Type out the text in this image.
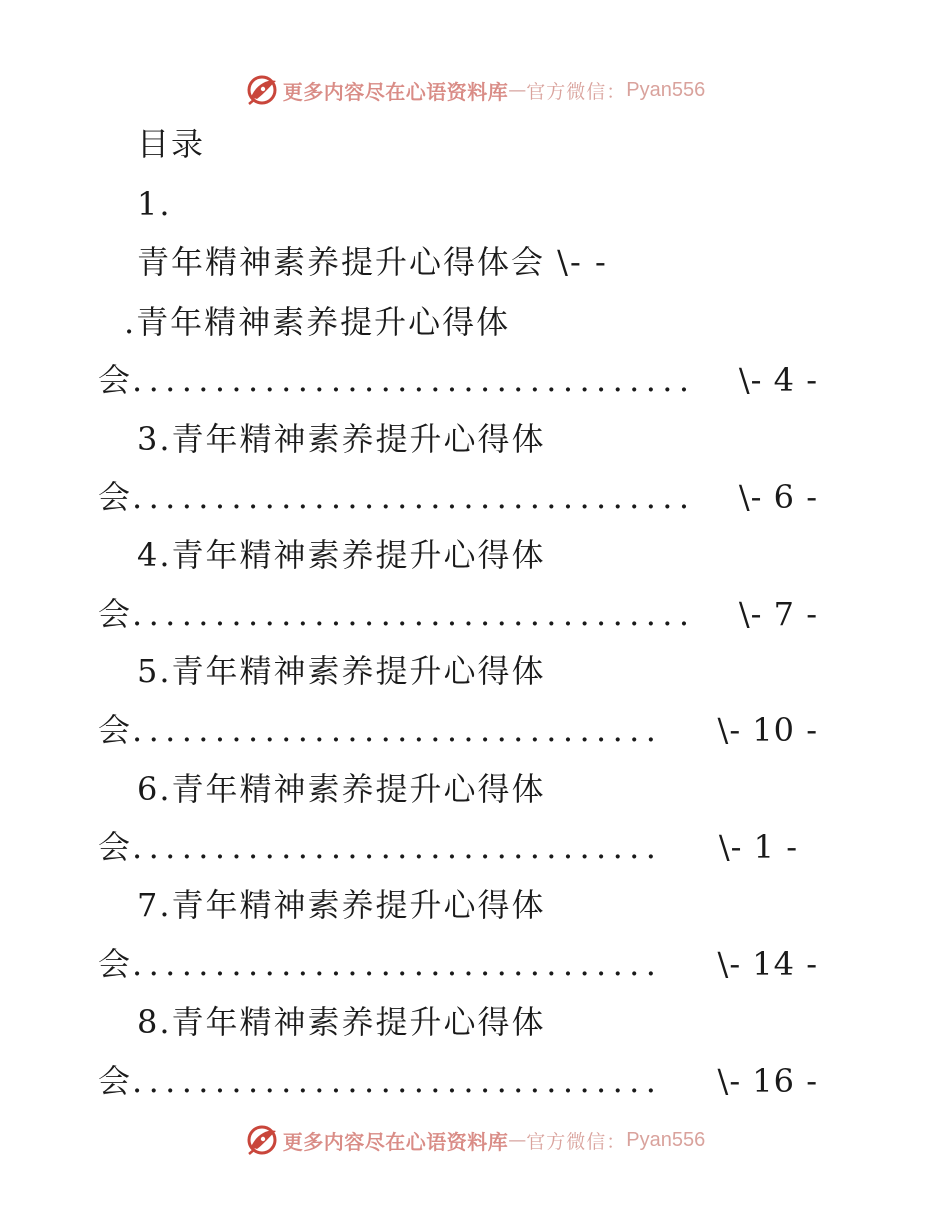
更多内容尽在心语资料库 — 官方微信： Pyan556
目录
1.
青年精神素养提升心得体会 \- -
.青年精神素养提升心得体
会 .................................. \- 4 -
3.青年精神素养提升心得体
会 .................................. \- 6 -
4.青年精神素养提升心得体
会 .................................. \- 7 -
5.青年精神素养提升心得体
会 ................................ \- 10 -
6.青年精神素养提升心得体
会 ................................ \- 1 -
7.青年精神素养提升心得体
会 ................................ \- 14 -
8.青年精神素养提升心得体
会 ................................ \- 16 -
更多内容尽在心语资料库 — 官方微信： Pyan556
